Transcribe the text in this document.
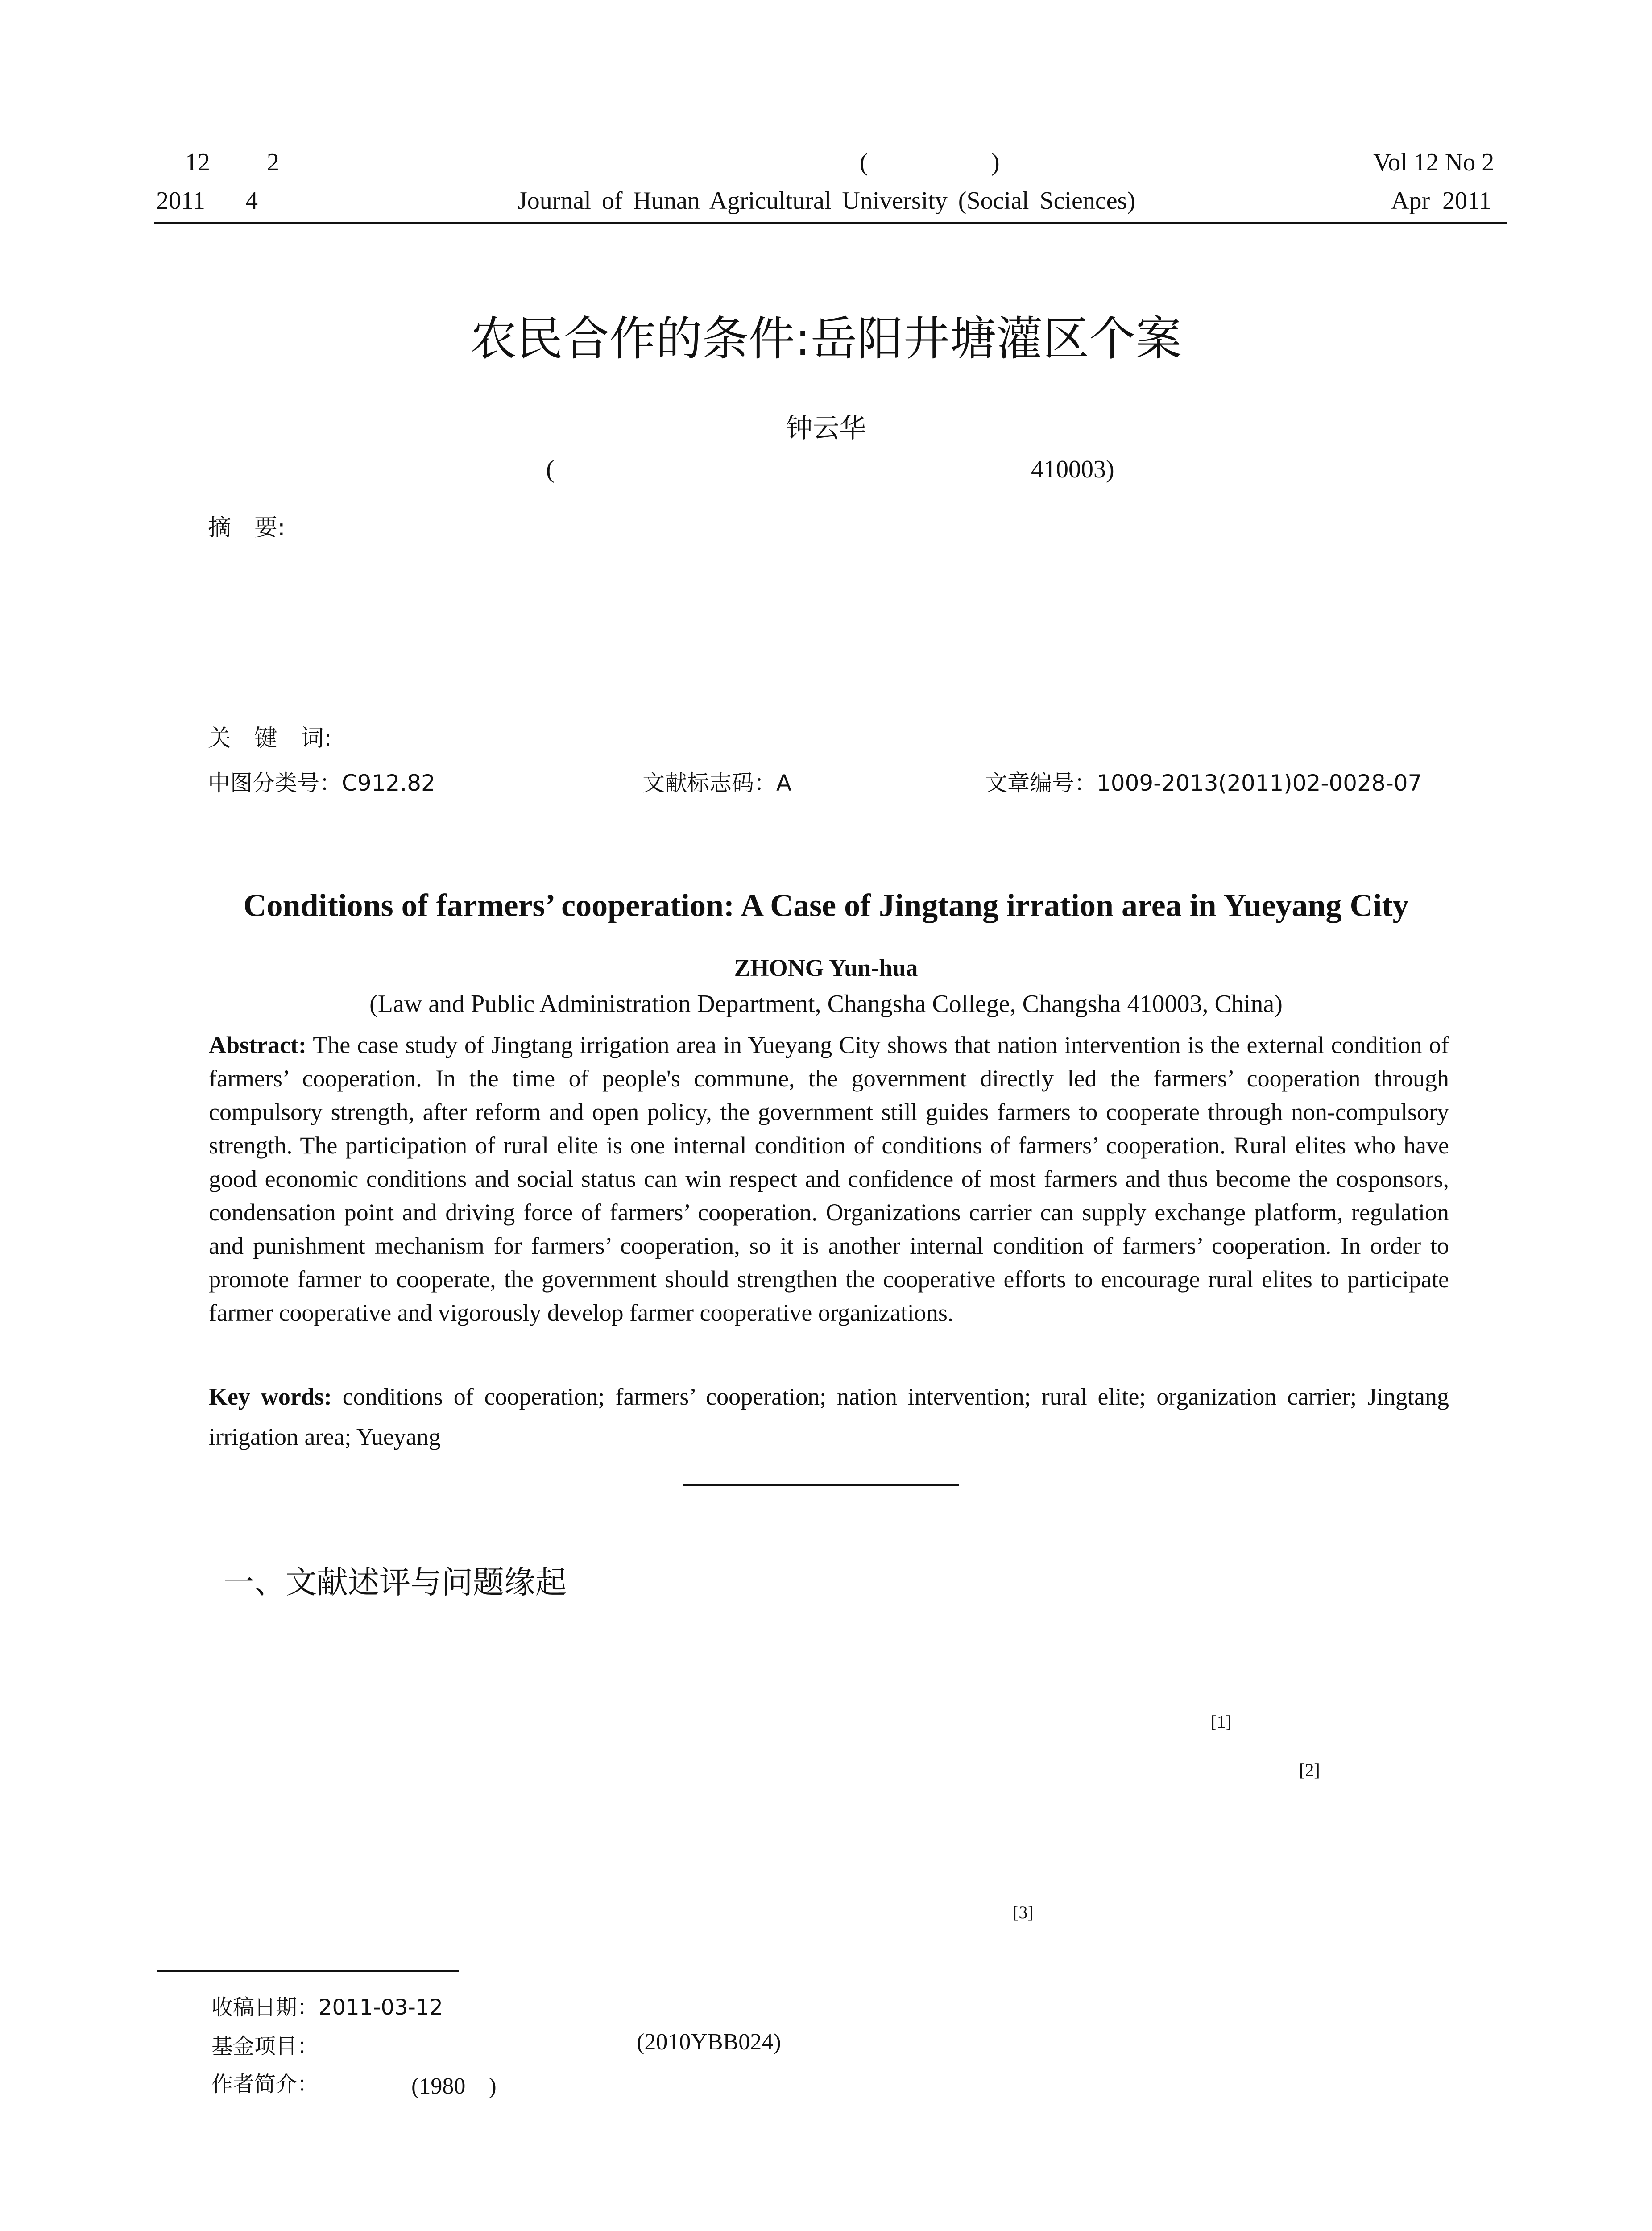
12 2	(	)	Vol 12 No 2
2011 4	Journal of Hunan Agricultural University (Social Sciences)	Apr 2011
农民合作的条件:岳阳井塘灌区个案
钟云华
(	410003)
摘　要:
关　键　词:
中图分类号：C912.82	文献标志码：A	文章编号：1009-2013(2011)02-0028-07
Conditions of farmers’ cooperation: A Case of Jingtang irration area in Yueyang City
ZHONG Yun-hua
(Law and Public Administration Department, Changsha College, Changsha 410003, China)
Abstract: The case study of Jingtang irrigation area in Yueyang City shows that nation intervention is the external condition of farmers’ cooperation. In the time of people's commune, the government directly led the farmers’ cooperation through compulsory strength, after reform and open policy, the government still guides farmers to cooperate through non-compulsory strength. The participation of rural elite is one internal condition of conditions of farmers’ cooperation. Rural elites who have good economic conditions and social status can win respect and confidence of most farmers and thus become the cosponsors, condensation point and driving force of farmers’ cooperation. Organizations carrier can supply exchange platform, regulation and punishment mechanism for farmers’ cooperation, so it is another internal condition of farmers’ cooperation. In order to promote farmer to cooperate, the government should strengthen the cooperative efforts to encourage rural elites to participate farmer cooperative and vigorously develop farmer cooperative organizations.
Key words: conditions of cooperation; farmers’ cooperation; nation intervention; rural elite; organization carrier; Jingtang irrigation area; Yueyang
一、文献述评与问题缘起
[1]
[2]
[3]
收稿日期：2011-03-12
基金项目：	(2010YBB024)
作者简介：	(1980　)
